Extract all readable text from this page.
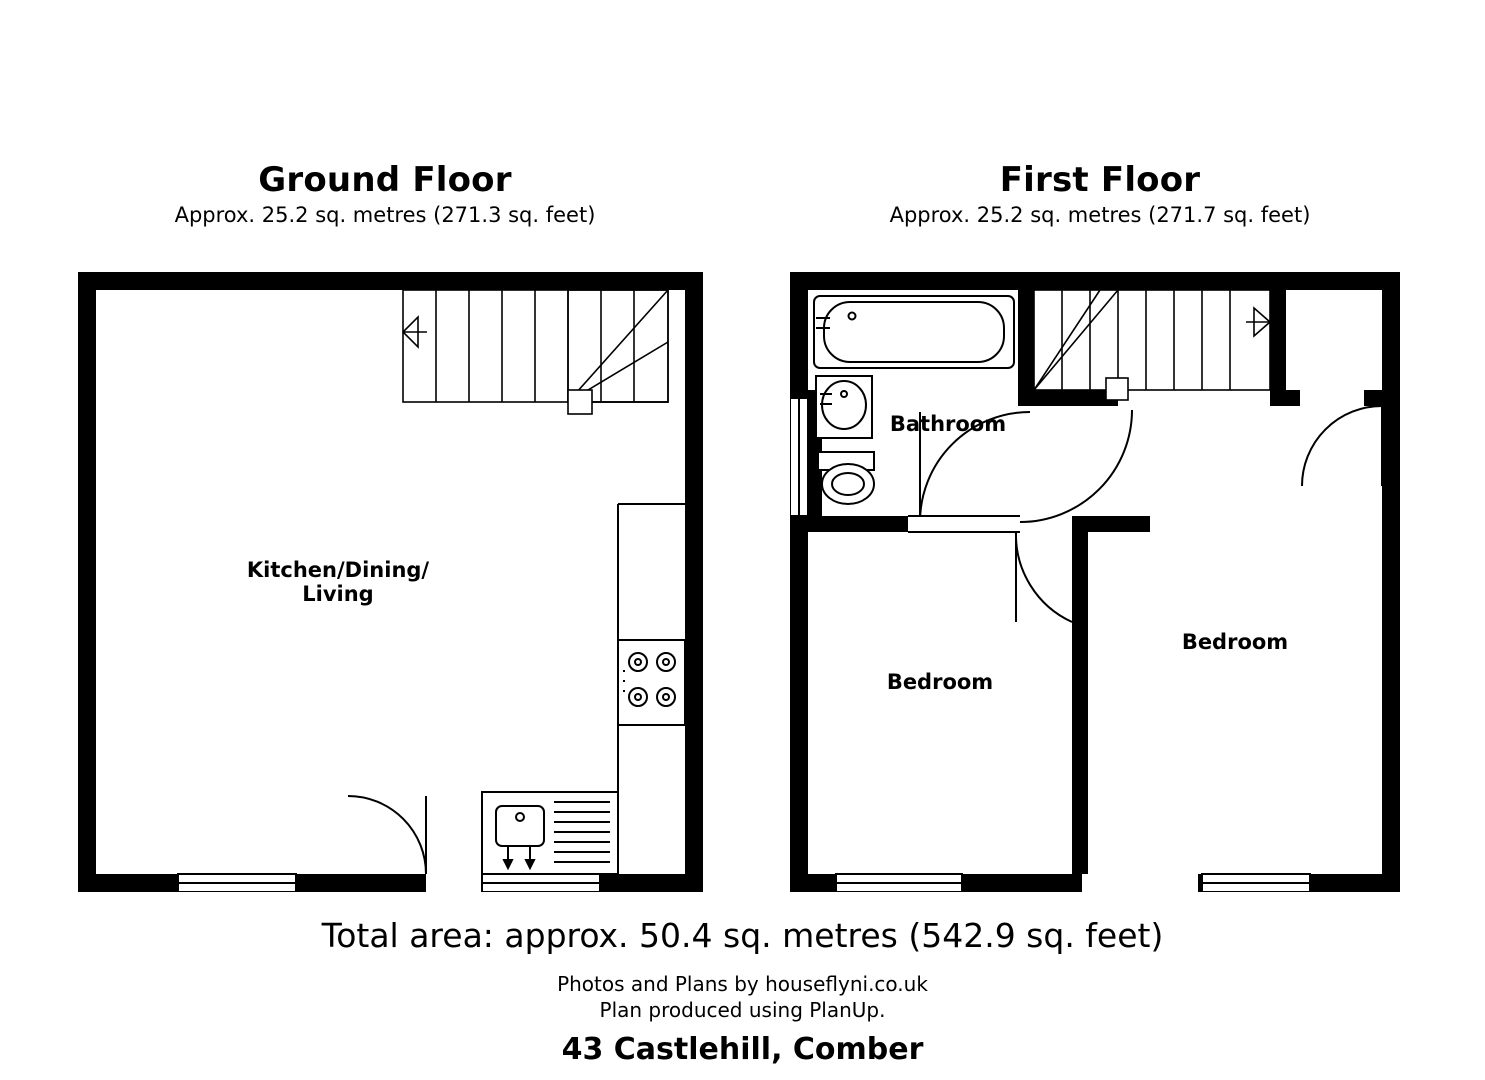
Ground Floor
Approx. 25.2 sq. metres (271.3 sq. feet)
First Floor
Approx. 25.2 sq. metres (271.7 sq. feet)
Kitchen/Dining/
Living
Bathroom
Bedroom
Bedroom
Total area: approx. 50.4 sq. metres (542.9 sq. feet)
Photos and Plans by houseflyni.co.uk
Plan produced using PlanUp.
43 Castlehill, Comber
